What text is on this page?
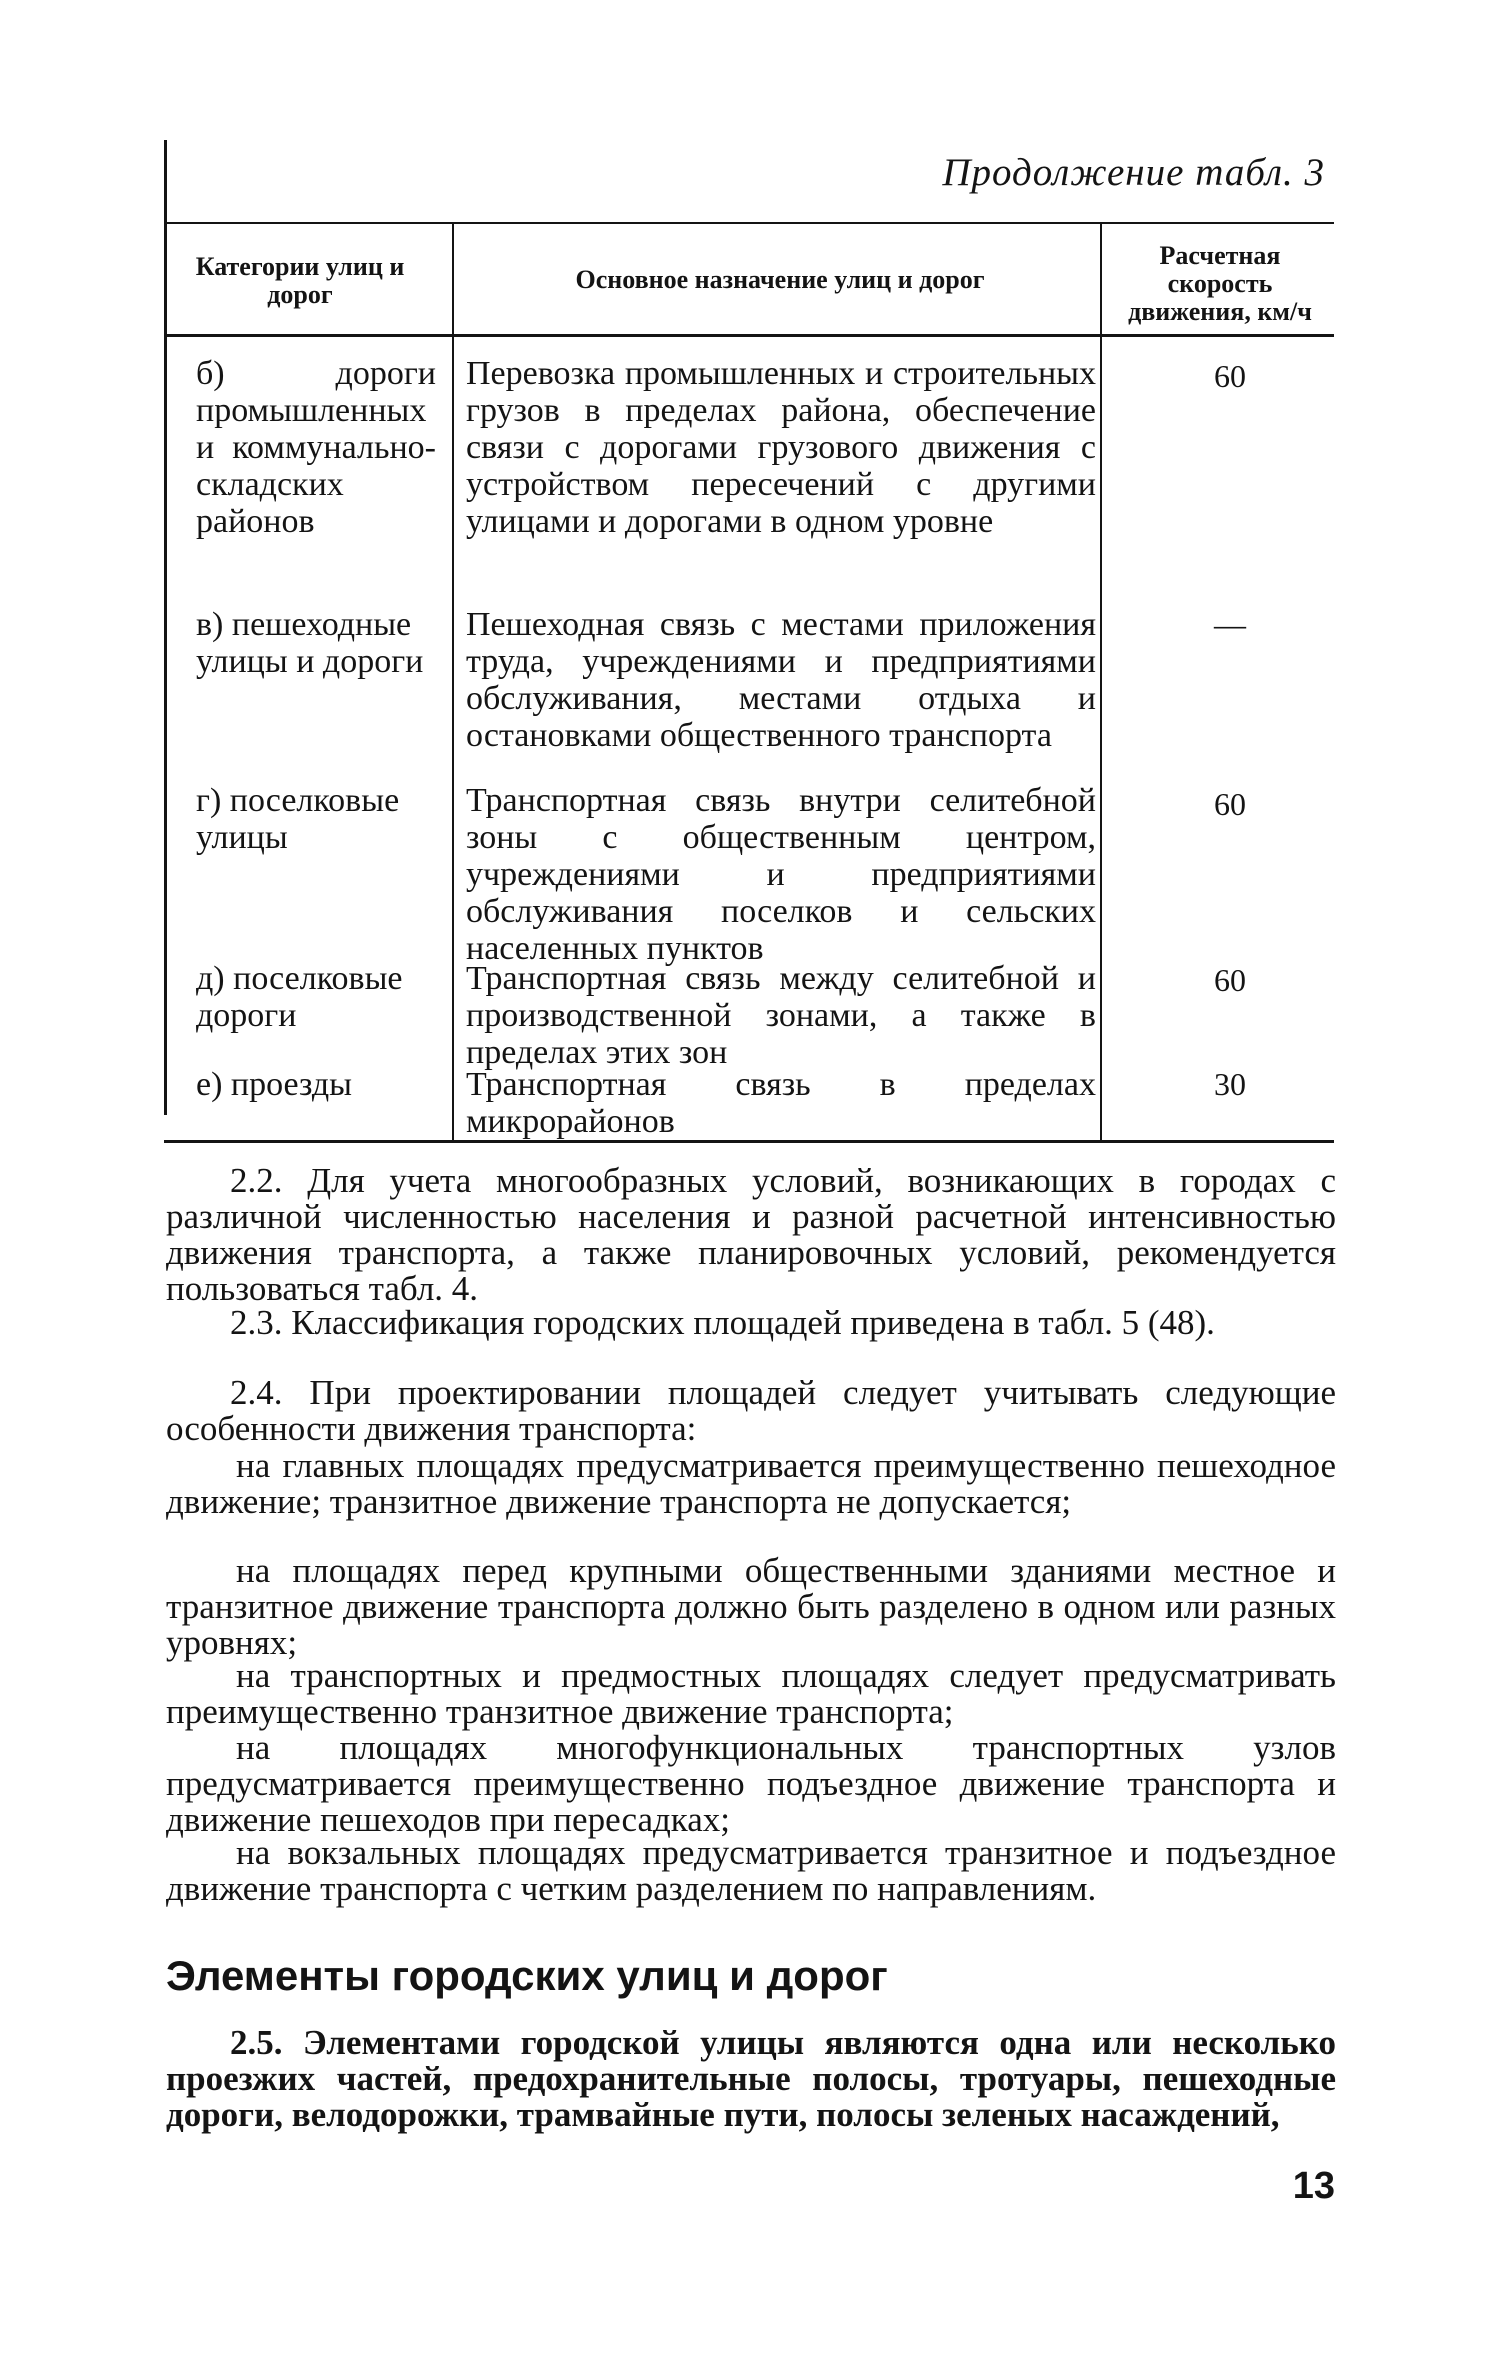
Продолжение табл. 3
Категории улиц и дорог
Основное назначение улиц и дорог
Расчетная скорость движения, км/ч
б) дороги промышленных и коммунально-складских районов
Перевозка промышленных и строительных грузов в пределах района, обеспечение связи с дорогами грузового движения с устройством пересечений с другими улицами и дорогами в одном уровне
60
в) пешеходные улицы и дороги
Пешеходная связь с местами приложения труда, учреждениями и предприятиями обслуживания, местами отдыха и остановками общественного транспорта
—
г) поселковые улицы
Транспортная связь внутри селитебной зоны с общественным центром, учреждениями и предприятиями обслуживания поселков и сельских населенных пунктов
60
д) поселковые дороги
Транспортная связь между селитебной и производственной зонами, а также в пределах этих зон
60
е) проезды	Транспортная связь в пределах микрорайонов
30
2.2. Для учета многообразных условий, возникающих в городах с различной численностью населения и разной расчетной интенсивностью движения транспорта, а также планировочных условий, рекомендуется пользоваться табл. 4.
2.3. Классификация городских площадей приведена в табл. 5 (48).
2.4. При проектировании площадей следует учитывать следующие особенности движения транспорта:
на главных площадях предусматривается преимущественно пешеходное движение; транзитное движение транспорта не допускается;
на площадях перед крупными общественными зданиями местное и транзитное движение транспорта должно быть разделено в одном или разных уровнях;
на транспортных и предмостных площадях следует предусматривать преимущественно транзитное движение транспорта;
на площадях многофункциональных транспортных узлов предусматривается преимущественно подъездное движение транспорта и движение пешеходов при пересадках;
на вокзальных площадях предусматривается транзитное и подъездное движение транспорта с четким разделением по направлениям.
Элементы городских улиц и дорог
2.5. Элементами городской улицы являются одна или несколько проезжих частей, предохранительные полосы, тротуары, пешеходные дороги, велодорожки, трамвайные пути, полосы зеленых насаждений,
13
